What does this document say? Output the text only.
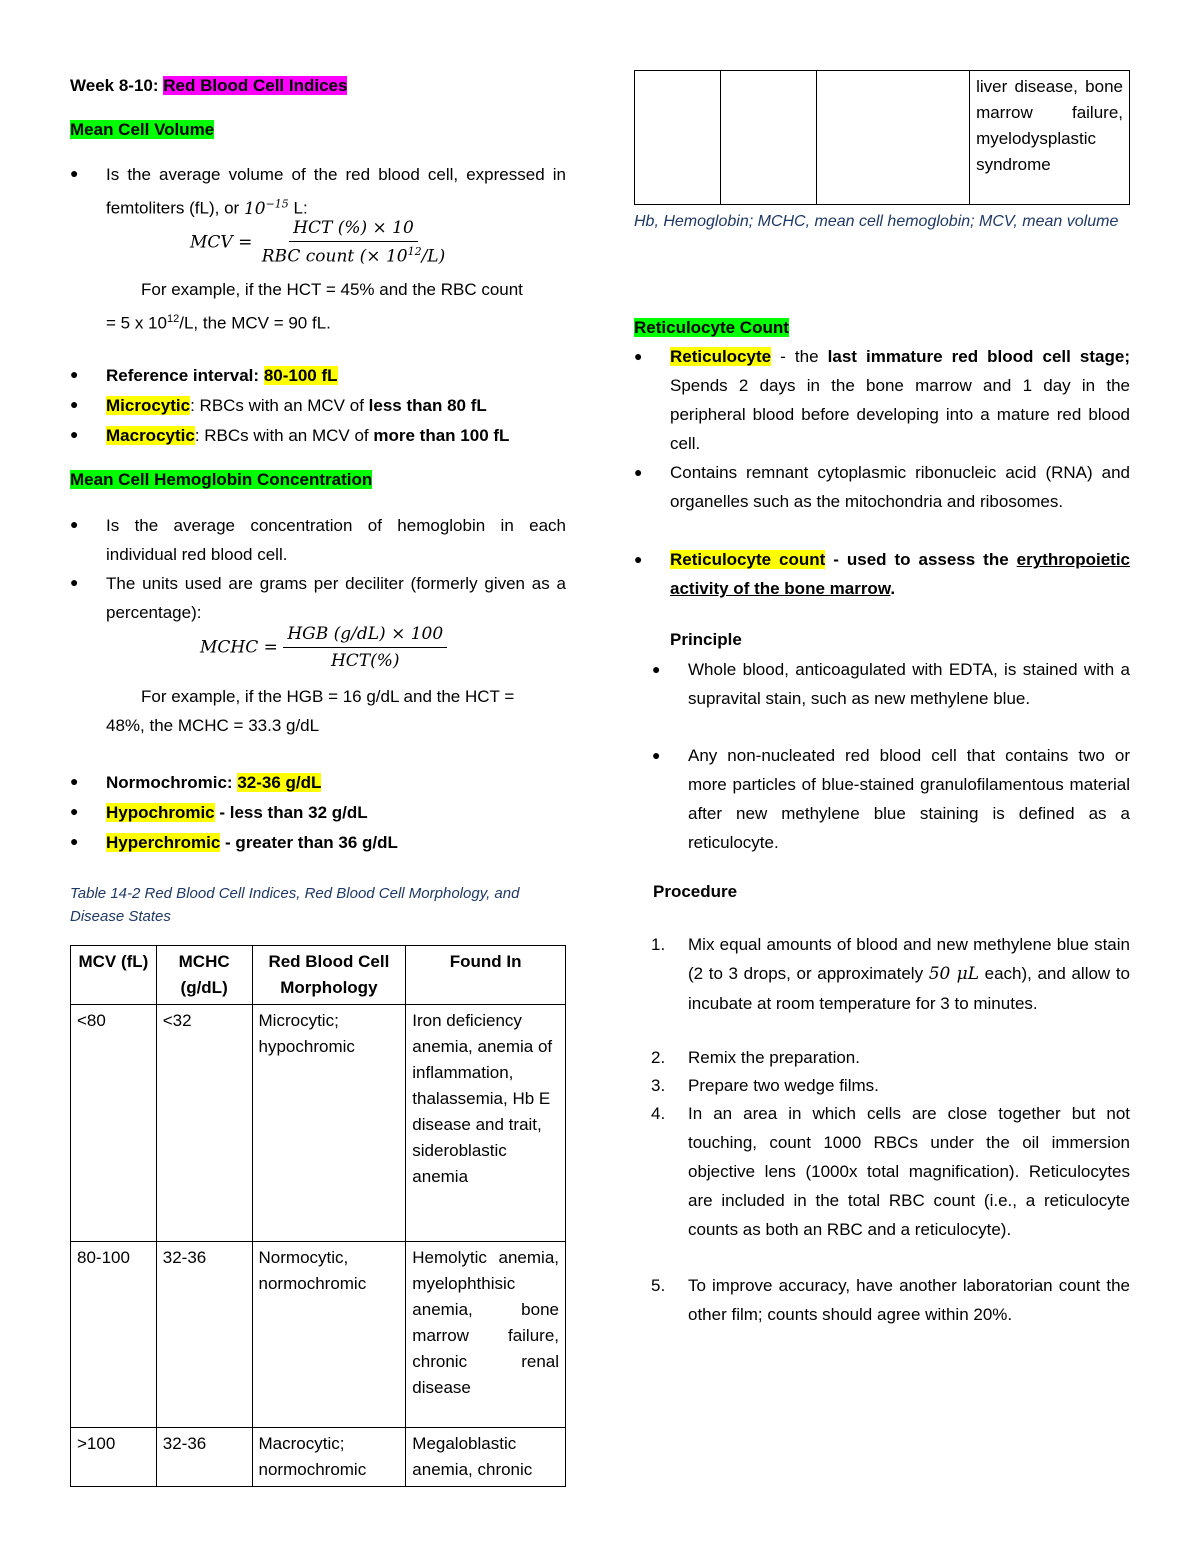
Week 8-10: Red Blood Cell Indices
Mean Cell Volume
● Is the average volume of the red blood cell, expressed in femtoliters (fL), or $10^{-15}$ L:
MCV = $\frac{\text{HCT (\%) × 10}}{RBC count (\times 10^{12}/L)}$
For example, if the HCT = 45% and the RBC count
= 5 x $10^{12}/L$, the MCV = 90 fL.
● Reference interval: 80-100 fL
● Microcytic: RBCs with an MCV of less than 80 fL
● Macrocytic: RBCs with an MCV of more than 100 fL
Mean Cell Hemoglobin Concentration
● Is the average concentration of hemoglobin in each individual red blood cell.
● The units used are grams per deciliter (formerly given as a percentage):
MCHC = $\frac{\text{HGB (g/dL) × 100}}{\text{HCT(\%)}}$
For example, if the HGB = 16 g/dL and the HCT =
48%, the MCHC = 33.3 g/dL
● Normochromic: 32-36 g/dL
● Hypochromic - less than 32 g/dL
● Hyperchromic - greater than 36 g/dL
Table 14-2 Red Blood Cell Indices, Red Blood Cell Morphology, and Disease States
MCV (fL)	MCHC (g/dL)	Red Blood Cell Morphology	Found In
<80	<32	Microcytic; hypochromic	Iron deficiency anemia, anemia of inflammation, thalassemia, Hb E disease and trait, sideroblastic anemia
80-100	32-36	Normocytic, normochromic	Hemolytic anemia, myelophthisic anemia, bone marrow failure, chronic renal disease
>100	32-36	Macrocytic; normochromic	Megaloblastic anemia, chronic
			liver disease, bone marrow failure, myelodysplastic syndrome
Hb, Hemoglobin; MCHC, mean cell hemoglobin; MCV, mean volume
Reticulocyte Count
● Reticulocyte - the last immature red blood cell stage; Spends 2 days in the bone marrow and 1 day in the peripheral blood before developing into a mature red blood cell.
● Contains remnant cytoplasmic ribonucleic acid (RNA) and organelles such as the mitochondria and ribosomes.
● Reticulocyte count - used to assess the erythropoietic activity of the bone marrow.
Principle
● Whole blood, anticoagulated with EDTA, is stained with a supravital stain, such as new methylene blue.
● Any non-nucleated red blood cell that contains two or more particles of blue-stained granulofilamentous material after new methylene blue staining is defined as a reticulocyte.
Procedure
1. Mix equal amounts of blood and new methylene blue stain (2 to 3 drops, or approximately 50 μL each), and allow to incubate at room temperature for 3 to minutes.
2. Remix the preparation.
3. Prepare two wedge films.
4. In an area in which cells are close together but not touching, count 1000 RBCs under the oil immersion objective lens (1000x total magnification). Reticulocytes are included in the total RBC count (i.e., a reticulocyte counts as both an RBC and a reticulocyte).
5. To improve accuracy, have another laboratorian count the other film; counts should agree within 20%.
